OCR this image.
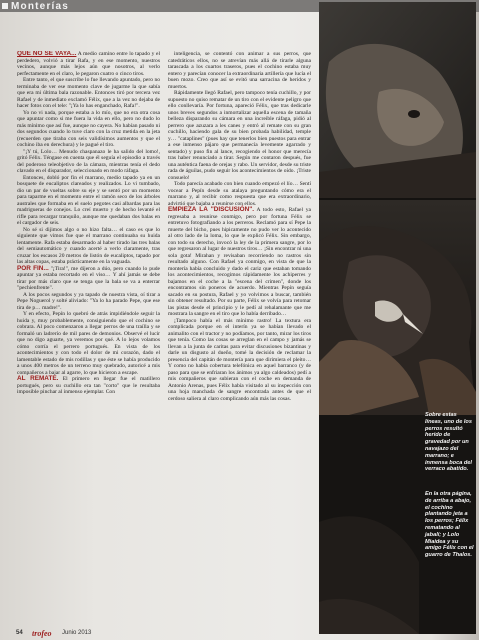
Monterías

QUE NO SE VAYA... A medio camino entre lo tapado y el perdedero, volvió a tirar Rafa, y en ese momento, nuestros vecinos, aunque más lejos aún que nosotros, al verlo perfectamente en el claro, le pegaron cuatro o cinco tiros.

Entre tanto, el que suscribe lo fue llevando apuntado, pero no terminaba de ver ese momento clave de jugarme la que sabía que era mi última bala razonable. Entonces tiró por tercera vez Rafael y de inmediato exclamó Félix, que a la vez no dejaba de hacer fotos con el tele: "¡Ya lo has enganchado, Rafa!".

Yo no vi nada, porque estaba a lo mío, que no era otra cosa que apuntar como si me fuera la vida en ello, pero no dudo lo más mínimo que así fue, aunque no cayera. No habían pasado ni dos segundos cuando lo tuve claro con la cruz metida en la jeta (recuerden que tiraba con seis validísimos aumentos y que el cochino iba en derechura) y le pagué el tiro.

"¡Y tú, Lolo… Menudo chaspanazo le ha salido del lomo!, gritó Félix. Téngase en cuenta que él seguía el episodio a través del poderoso teleobjetivo de la cámara, mientras tenía el dedo clavado en el disparador, seleccionado en modo ráfaga.

Entonces, dobló por fin el marrano, medio tapado ya en un bosquete de eucaliptos clareados y realizados. Lo vi tumbado, dio un par de vueltas sobre su eje y se sentó por un momento para taparme en el momento entre el ramón seco de los árboles australes que formaba en el suelo pegotes casi albardas para las madrigueras de conejos. Lo creí muerto y de hecho levanté el rifle para recargar tranquilo, aunque me quedaban dos balas en el cargador de seis.

No sé si dijimos algo o no hizo falta… el caso es que lo siguiente que vimos fue que el marrano continuaba su huida lentamente. Rafa estaba desarmado al haber tirado las tres balas del semiautomático y cuando acerté a verlo claramente, tras cruzar los escasos 20 metros de listón de eucaliptos, tapado por las altas copas, estaba prácticamente en la vaguada.

POR FIN... "¡Tira!", me dijeron a dúo, pero cuando lo pude apuntar ya estaba recortado en el viso… Y ahí jamás se debe tirar por más claro que se tenga que la bala se va a enterrar "pechienfrente".

A los pocos segundos y ya tapado de nuestra vista, oí tirar a Pepe Noguerol y solté aliviado: "Ya lo ha parado Pepe, que ese tira de p… madre!".

Y en efecto, Pepín lo quebró de atrás impidiéndole seguir la huida y, muy probablemente, consiguiendo que el cochino se cobrara. Al poco comenzaron a llegar perros de una traílla y se formaló un ladrerío de mil pares de demonios. Observé el lucir que no digo aguarte, ya veremos por qué. A lo lejos volamos cómo corría el perrero portugués. En vista de los acontecimientos y con todo el dolor de mi corazón, dado el lamentable estado de mis rodillas y que éste se había producido a unos 400 metros de un terreno muy quebrado, autoricé a mis compañeros a bajar al agarre, lo que hicieron a escape.

AL REMATE. El primero en llegar fue el matillero portugués, pero su cuchillo era tan "corto" que le resultaba imposible pinchar al inmenso ejemplar. Con

inteligencia, se contentó con animar a sus perros, que catedráticos ellos, no se atrevían más allá de tirarle alguna tarascada a los cuartos traseros, pues el cochino estaba muy entero y parecían conocer la extraordinaria artillería que lucía el buen mozo. Creo que así se evitó una sarracina de heridos y muertos.

Rápidamente llegó Rafael, pero tampoco tenía cuchillo, y por supuesto no quiso rematar de un tiro con el evidente peligro que ello conllevaría. Por fortuna, apareció Félix, que tras dedicarle unos breves segundos a inmortalizar aquella escena de tamaña belleza disparando su cámara en una increíble ráfaga, pidió al perrero que azuzara a les canes y entró al remate con su gran cuchillo, haciendo gala de su bien probada habilidad, temple y… "cataplines" (pues hay que tenerlos bien puestos para entrar a ese inmenso pájaro que permanecía levemente agarrado y sentado) y puso fin al lance, recogiendo el honor que merecía tras haber renunciado a tirar. Según me contaron después, fue una auténtica faena de orejas y rabo. Un servidor, desde su triste rada de águilas, pudo seguir los acontecimientos de oído. ¡Triste consuelo!

Todo parecía acabado con bien cuando empezó el lío… Sentí vocear a Pepín desde su atalaya preguntando cómo era el marrano y, al recibir como respuesta que era extraordinario, advirtió que bajaba a reunirse con ellos.

EMPIEZA LA "DISCUSIÓN". A todo esto, Rafael ya regresaba a reunirse conmigo, pero por fortuna Félix se entretuvo fotografiando a los perreros. Reclamó para sí Pepe la muerte del bicho, pues hipicamente no pudo ver lo acontecido al otro lado de la loma, lo que le explicó Félix. Sin embargo, con todo su derecho, invocó la ley de la primera sangre, por lo que regresaron al lugar de nuestros tiros… ¡Sin encontrar ni una sola gota! Mirahan y revisaban recorriendo no rastros sin resultado alguno. Con Rafael ya conmigo, en vista de que la montería había concluido y dado el cariz que estaban tomando los acontecimientos, recogimos rápidamente los achiperres y bajamos en el coche a la "escena del crimen", donde los encontramos sin poneros de acuerdo. Mientras Pepín seguía sacado en su postura, Rafael y yo volvimos a buscar, también sin obtener resultado. Por su parte, Félix se volvía para retomar las pistas desde el principio y le pedí al rehalamante que me mostrara la sangre en el tiro que lo había derribado…

¡Tampoco había el más mínimo rastro! La textura era complicada porque en el interín ya se habían llevado el animalito con el tractor y no podíamos, por tanto, mirar los tiros que tenía. Como las cosas se arreglan en el campo y jamás se llevan a la junta de caritas para evitar discusiones bizantinas y darle un disgusto al dueño, tomé la decisión de reclamar la presencia del capitán de montería para que dirimiera el pleito… Y como no había cobertura telefónica en aquel barranco (y de paso para que se enfriaran los ánimos ya algo caldeados) pedí a mis compañeros que subieran con el coche en demanda de Antonio Arenas, pues Félix había visitado al su inspección con una hoja manchada de sangre encontrada antes de que el cerdoso saliera al claro complicando aún más las cosas.

Sobre estas líneas, uno de los perros resultó herido de gravedad por un navajazo del marrano; e inmensa boca del verraco abatido.
En la otra página, de arriba a abajo, el cochino plantando jeta a los perros; Félix rematando al jabalí; y Lolo Miaidea y su amigo Félix con el guarro de Thalos.
54 trofeo Junio 2013
